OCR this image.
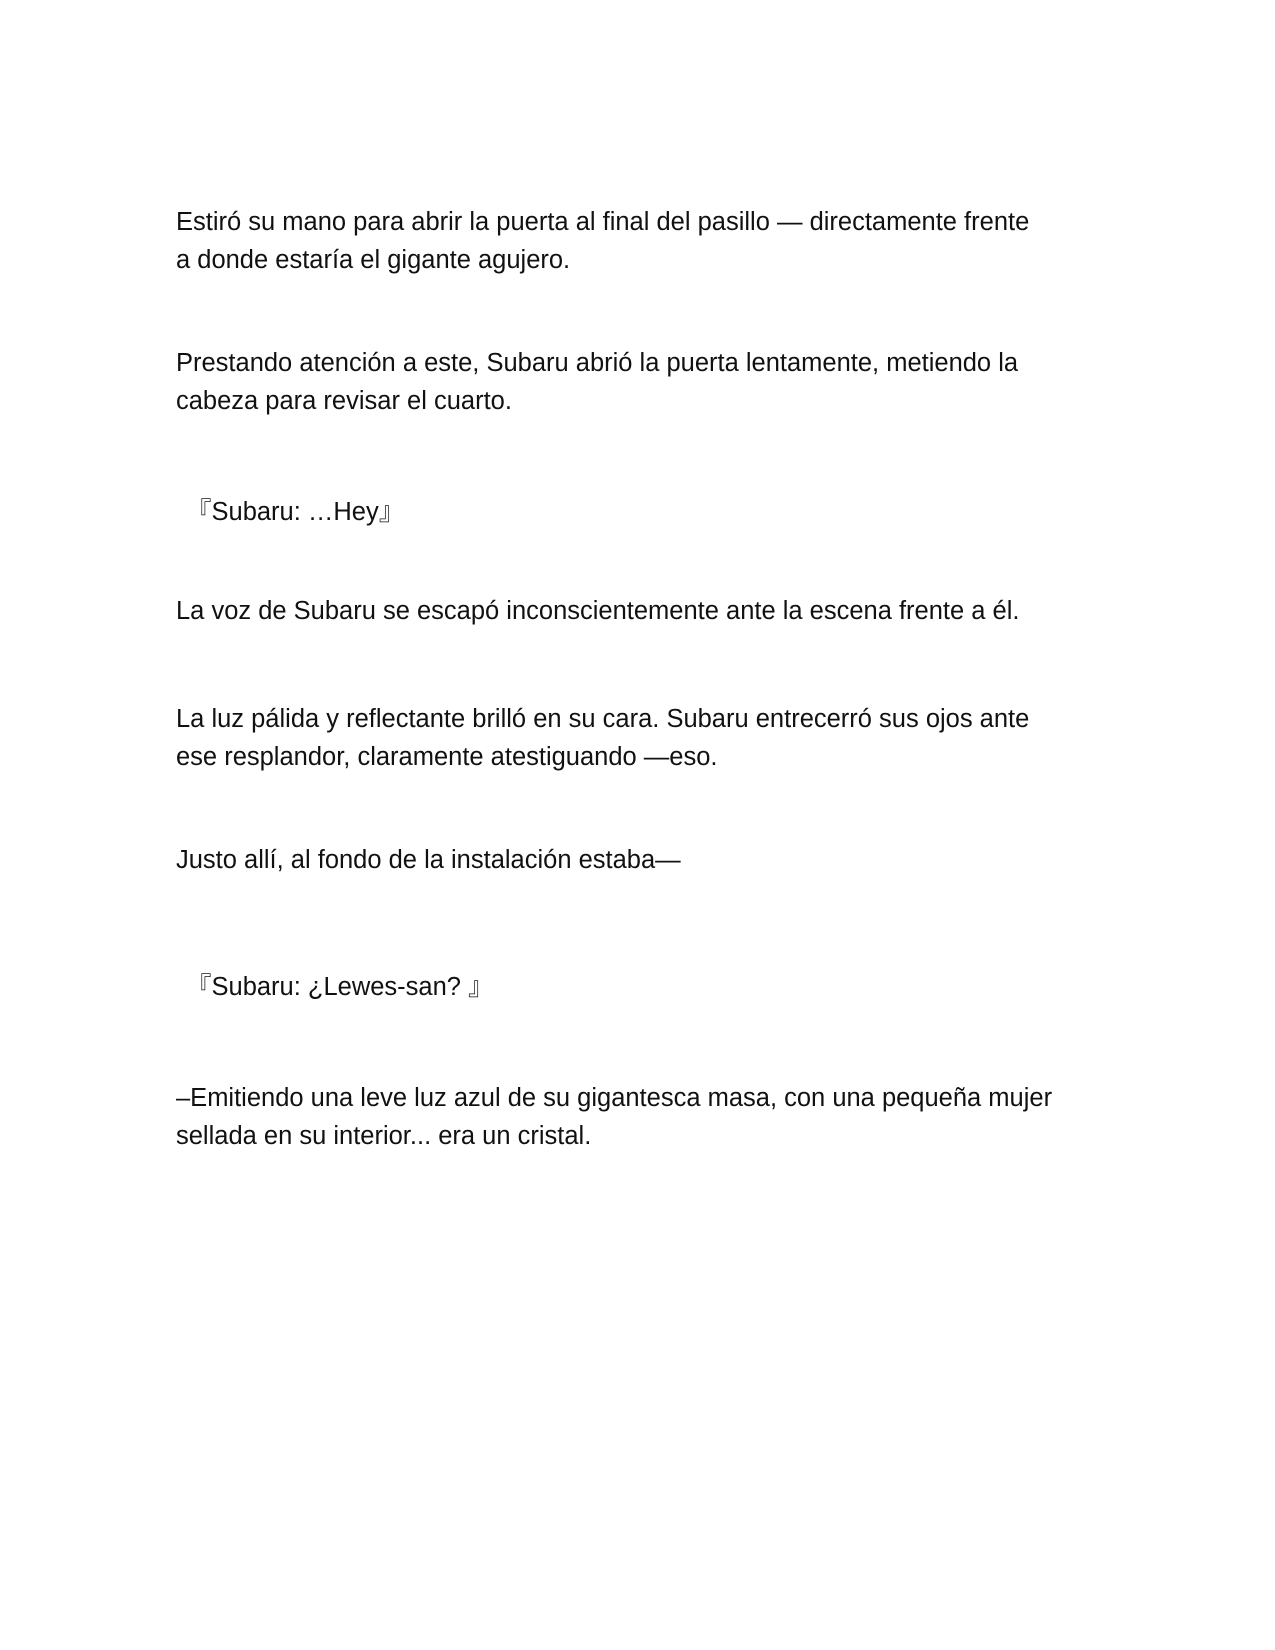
Estiró su mano para abrir la puerta al final del pasillo — directamente frente
a donde estaría el gigante agujero.

Prestando atención a este, Subaru abrió la puerta lentamente, metiendo la
cabeza para revisar el cuarto.

『Subaru: …Hey』

La voz de Subaru se escapó inconscientemente ante la escena frente a él.

La luz pálida y reflectante brilló en su cara. Subaru entrecerró sus ojos ante
ese resplandor, claramente atestiguando —eso.

Justo allí, al fondo de la instalación estaba—

『Subaru: ¿Lewes-san? 』

–Emitiendo una leve luz azul de su gigantesca masa, con una pequeña mujer
sellada en su interior... era un cristal.
